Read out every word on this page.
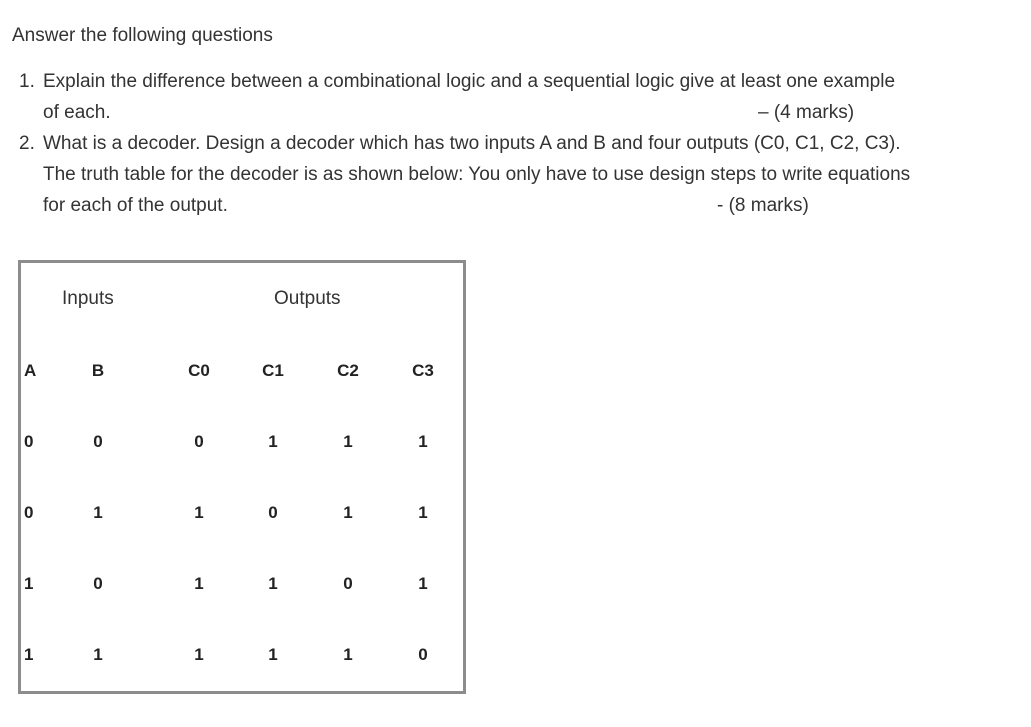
Answer the following questions
1. Explain the difference between a combinational logic and a sequential logic give at least one example
of each.	– (4 marks)
2. What is a decoder. Design a decoder which has two inputs A and B and four outputs (C0, C1, C2, C3).
The truth table for the decoder is as shown below: You only have to use design steps to write equations
for each of the output.	- (8 marks)
Inputs	Outputs
A	B	C0	C1	C2	C3
0	0	0	1	1	1
0	1	1	0	1	1
1	0	1	1	0	1
1	1	1	1	1	0
